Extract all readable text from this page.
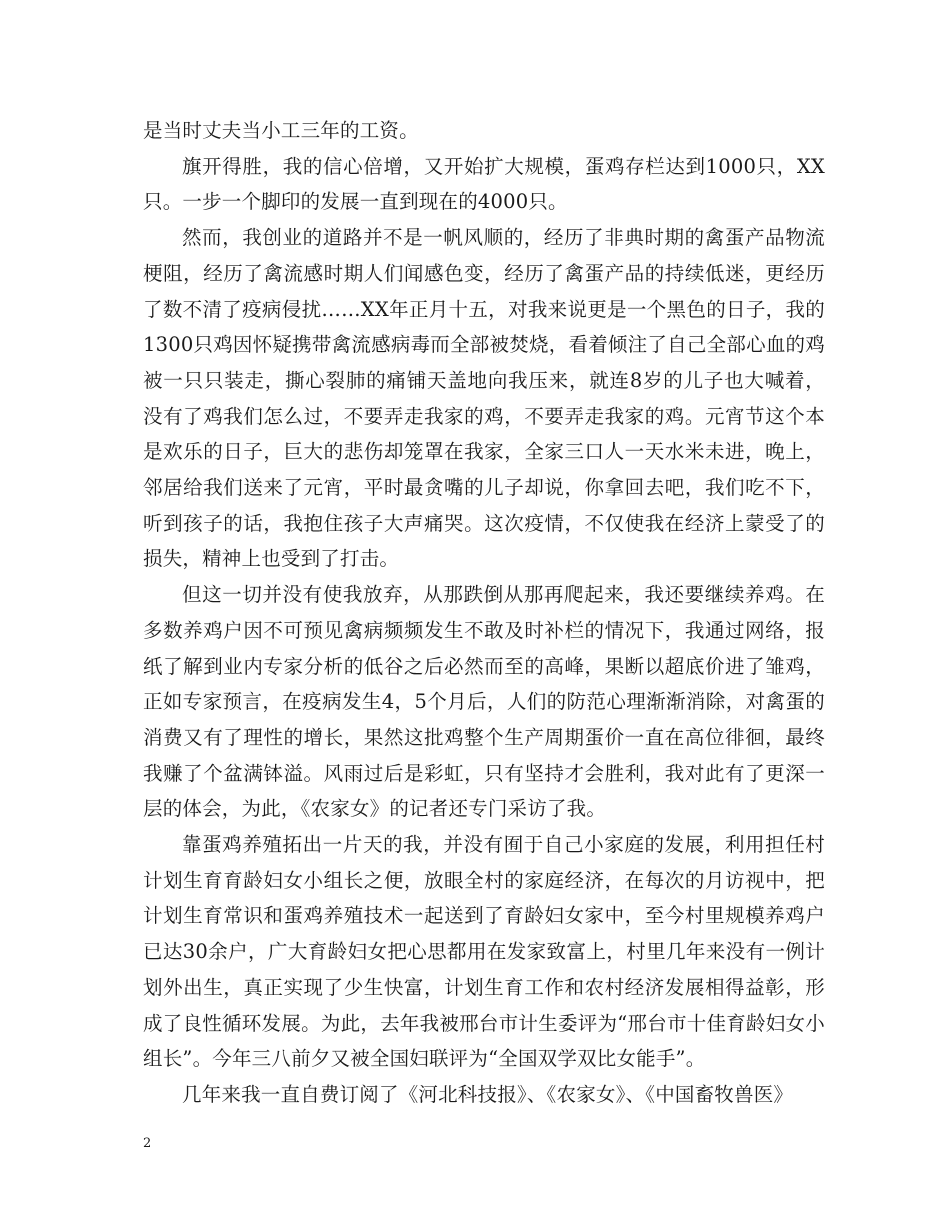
是当时丈夫当小工三年的工资。

旗开得胜，我的信心倍增，又开始扩大规模，蛋鸡存栏达到1000只，XX只。一步一个脚印的发展一直到现在的4000只。

然而，我创业的道路并不是一帆风顺的，经历了非典时期的禽蛋产品物流梗阻，经历了禽流感时期人们闻感色变，经历了禽蛋产品的持续低迷，更经历了数不清了疫病侵扰……XX年正月十五，对我来说更是一个黑色的日子，我的1300只鸡因怀疑携带禽流感病毒而全部被焚烧，看着倾注了自己全部心血的鸡被一只只装走，撕心裂肺的痛铺天盖地向我压来，就连8岁的儿子也大喊着，没有了鸡我们怎么过，不要弄走我家的鸡，不要弄走我家的鸡。元宵节这个本是欢乐的日子，巨大的悲伤却笼罩在我家，全家三口人一天水米未进，晚上，邻居给我们送来了元宵，平时最贪嘴的儿子却说，你拿回去吧，我们吃不下，听到孩子的话，我抱住孩子大声痛哭。这次疫情，不仅使我在经济上蒙受了的损失，精神上也受到了打击。

但这一切并没有使我放弃，从那跌倒从那再爬起来，我还要继续养鸡。在多数养鸡户因不可预见禽病频频发生不敢及时补栏的情况下，我通过网络，报纸了解到业内专家分析的低谷之后必然而至的高峰，果断以超底价进了雏鸡，正如专家预言，在疫病发生4，5个月后，人们的防范心理渐渐消除，对禽蛋的消费又有了理性的增长，果然这批鸡整个生产周期蛋价一直在高位徘徊，最终我赚了个盆满钵溢。风雨过后是彩虹，只有坚持才会胜利，我对此有了更深一层的体会，为此，《农家女》的记者还专门采访了我。

靠蛋鸡养殖拓出一片天的我，并没有囿于自己小家庭的发展，利用担任村计划生育育龄妇女小组长之便，放眼全村的家庭经济，在每次的月访视中，把计划生育常识和蛋鸡养殖技术一起送到了育龄妇女家中，至今村里规模养鸡户已达30余户，广大育龄妇女把心思都用在发家致富上，村里几年来没有一例计划外出生，真正实现了少生快富，计划生育工作和农村经济发展相得益彰，形成了良性循环发展。为此，去年我被邢台市计生委评为“邢台市十佳育龄妇女小组长”。今年三八前夕又被全国妇联评为“全国双学双比女能手”。

几年来我一直自费订阅了《河北科技报》、《农家女》、《中国畜牧兽医》

2
